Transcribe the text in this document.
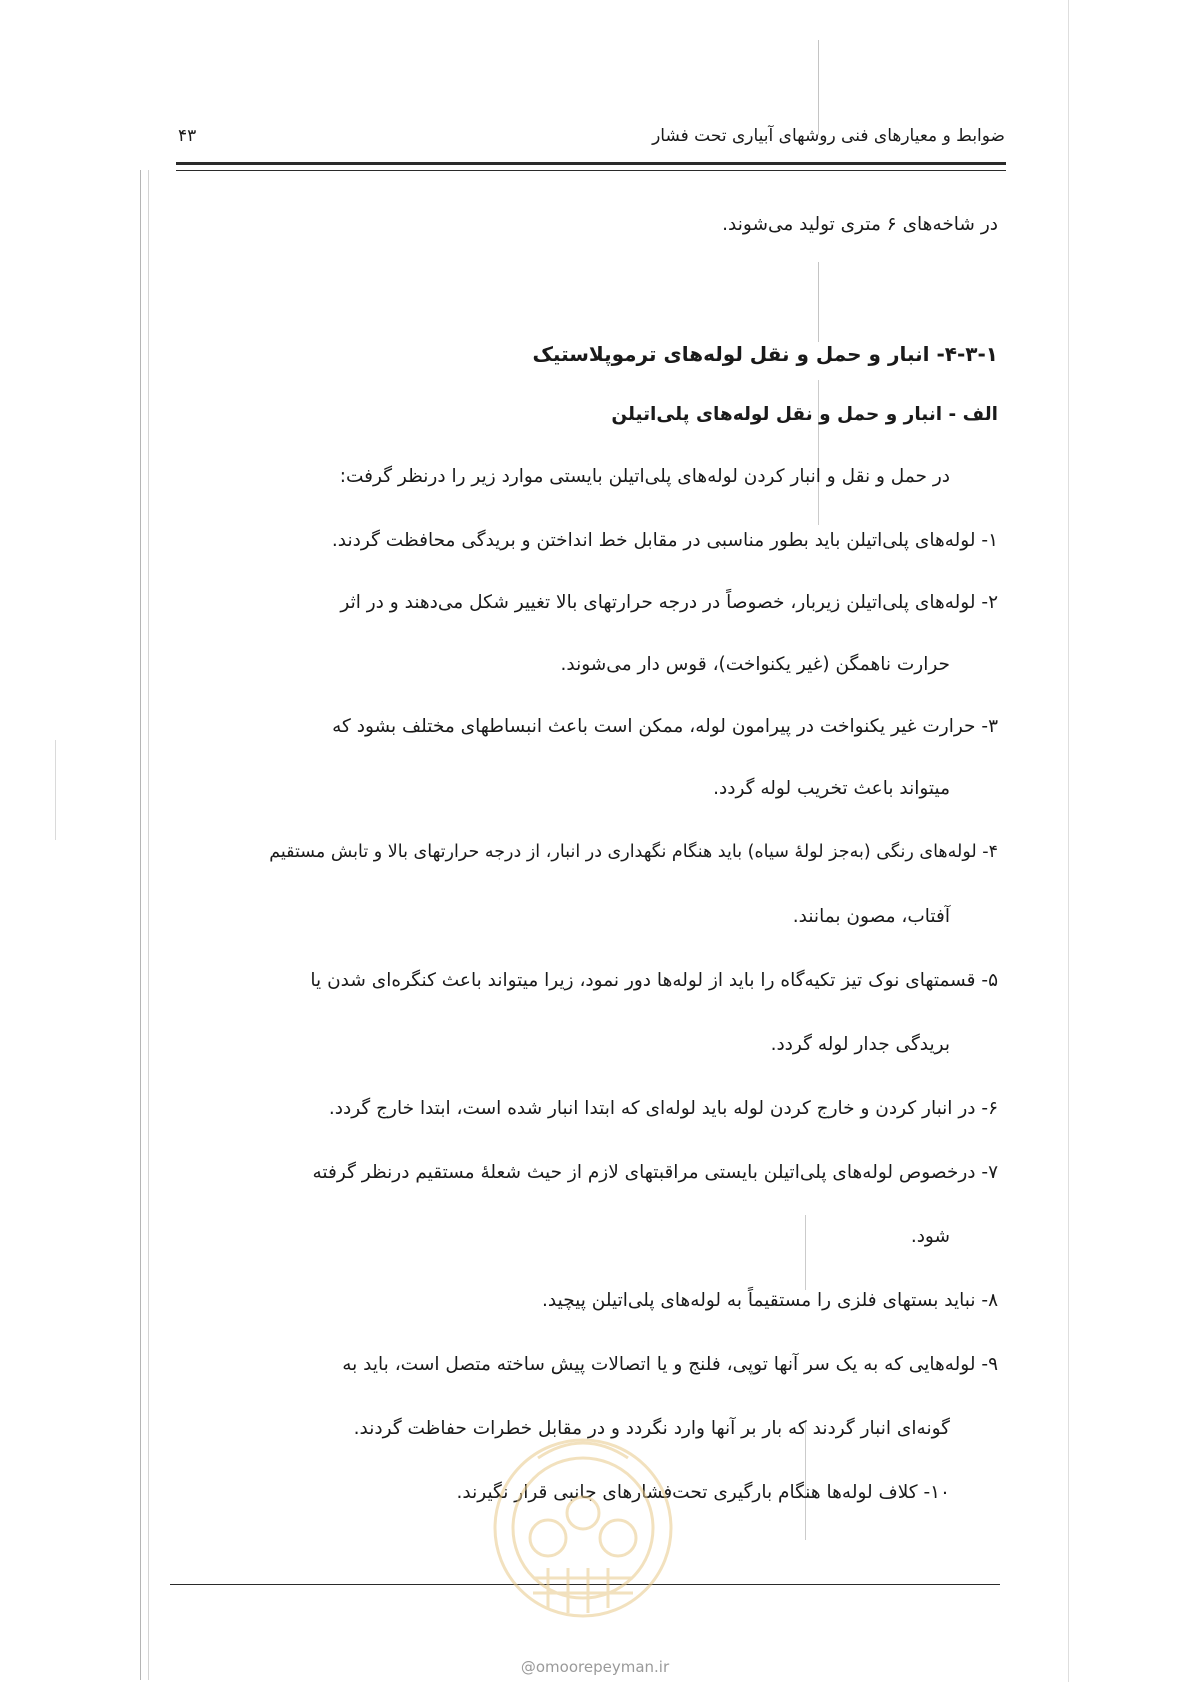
ضوابط و معیارهای فنی روشهای آبیاری تحت فشار
۴۳
در شاخه‌های ۶ متری تولید می‌شوند.
۴-۳-۱- انبار و حمل و نقل لوله‌های ترموپلاستیک
الف - انبار و حمل و نقل لوله‌های پلی‌اتیلن
در حمل و نقل و انبار کردن لوله‌های پلی‌اتیلن بایستی موارد زیر را درنظر گرفت:
۱- لوله‌های پلی‌اتیلن باید بطور مناسبی در مقابل خط انداختن و بریدگی محافظت گردند.
۲- لوله‌های پلی‌اتیلن زیربار، خصوصاً در درجه حرارتهای بالا تغییر شکل می‌دهند و در اثر
حرارت ناهمگن (غیر یکنواخت)، قوس دار می‌شوند.
۳- حرارت غیر یکنواخت در پیرامون لوله، ممکن است باعث انبساطهای مختلف بشود که
میتواند باعث تخریب لوله گردد.
۴- لوله‌های رنگی (به‌جز لولهٔ سیاه) باید هنگام نگهداری در انبار، از درجه حرارتهای بالا و تابش مستقیم
آفتاب، مصون بمانند.
۵- قسمتهای نوک تیز تکیه‌گاه را باید از لوله‌ها دور نمود، زیرا میتواند باعث کنگره‌ای شدن یا
بریدگی جدار لوله گردد.
۶- در انبار کردن و خارج کردن لوله باید لوله‌ای که ابتدا انبار شده است، ابتدا خارج گردد.
۷- درخصوص لوله‌های پلی‌اتیلن بایستی مراقبتهای لازم از حیث شعلهٔ مستقیم درنظر گرفته
شود.
۸- نباید بستهای فلزی را مستقیماً به لوله‌های پلی‌اتیلن پیچید.
۹- لوله‌هایی که به یک سر آنها توپی، فلنج و یا اتصالات پیش ساخته متصل است، باید به
گونه‌ای انبار گردند که بار بر آنها وارد نگردد و در مقابل خطرات حفاظت گردند.
۱۰- کلاف لوله‌ها هنگام بارگیری تحت‌فشارهای جانبی قرار نگیرند.
@omoorepeyman.ir
